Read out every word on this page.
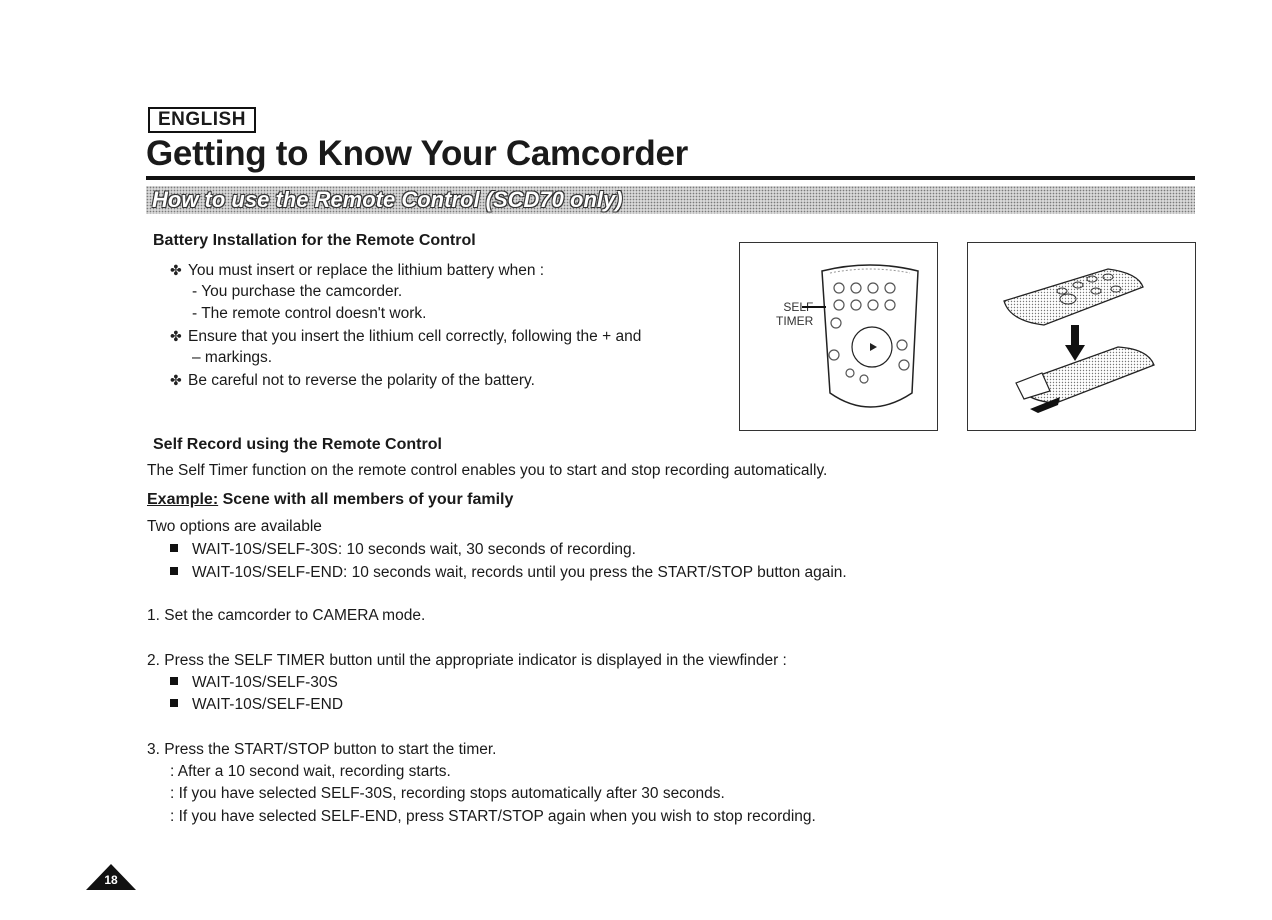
ENGLISH
Getting to Know Your Camcorder
How to use the Remote Control (SCD70 only)
Battery Installation for the Remote Control
✤ You must insert or replace the lithium battery when :
- You purchase the camcorder.
- The remote control doesn't work.
✤ Ensure that you insert the lithium cell correctly, following the + and
– markings.
✤ Be careful not to reverse the polarity of the battery.
SELF
TIMER
Self Record using the Remote Control
The Self Timer function on the remote control enables you to start and stop recording automatically.
Example: Scene with all members of your family
Two options are available
WAIT-10S/SELF-30S: 10 seconds wait, 30 seconds of recording.
WAIT-10S/SELF-END: 10 seconds wait, records until you press the START/STOP button again.
1. Set the camcorder to CAMERA mode.
2. Press the SELF TIMER button until the appropriate indicator is displayed in the viewfinder :
WAIT-10S/SELF-30S
WAIT-10S/SELF-END
3. Press the START/STOP button to start the timer.
: After a 10 second wait, recording starts.
: If you have selected SELF-30S, recording stops automatically after 30 seconds.
: If you have selected SELF-END, press START/STOP again when you wish to stop recording.
18
